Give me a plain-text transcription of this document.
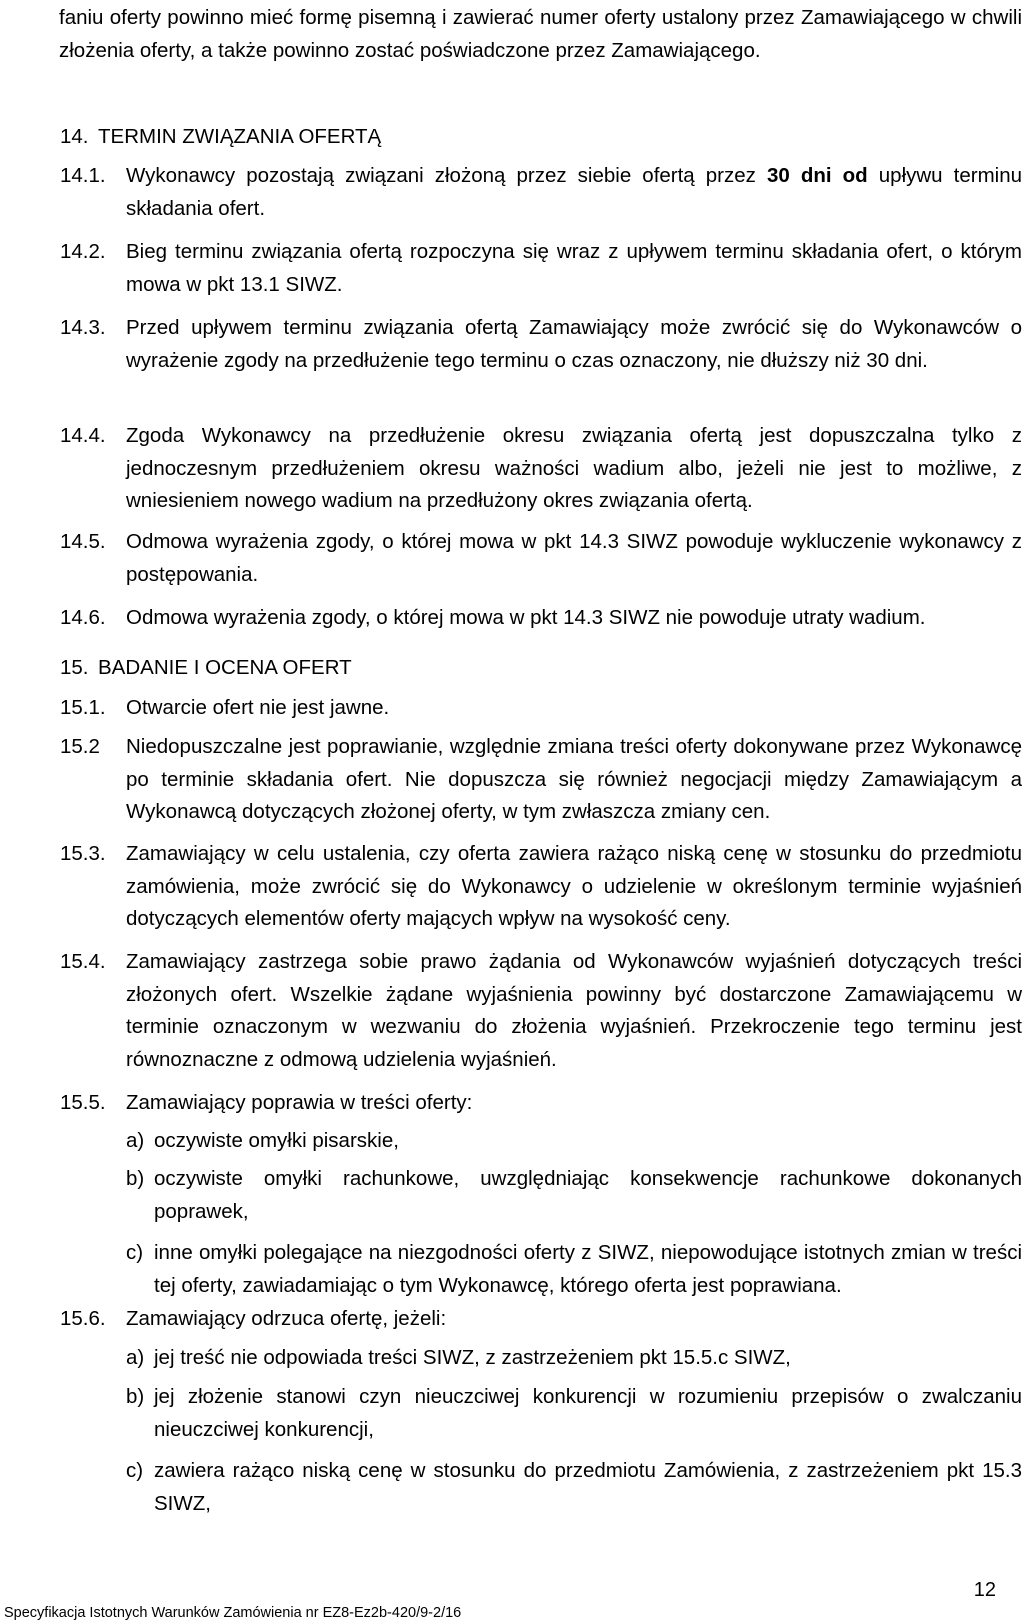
faniu oferty powinno mieć formę pisemną i zawierać numer oferty ustalony przez Zamawiającego w chwili złożenia oferty, a także powinno zostać poświadczone przez Zamawiającego.
14. TERMIN ZWIĄZANIA OFERTĄ
14.1. Wykonawcy pozostają związani złożoną przez siebie ofertą przez 30 dni od upływu terminu składania ofert.
14.2. Bieg terminu związania ofertą rozpoczyna się wraz z upływem terminu składania ofert, o którym mowa w pkt 13.1 SIWZ.
14.3. Przed upływem terminu związania ofertą Zamawiający może zwrócić się do Wykonawców o wyrażenie zgody na przedłużenie tego terminu o czas oznaczony, nie dłuższy niż 30 dni.
14.4. Zgoda Wykonawcy na przedłużenie okresu związania ofertą jest dopuszczalna tylko z jednoczesnym przedłużeniem okresu ważności wadium albo, jeżeli nie jest to możliwe, z wniesieniem nowego wadium na przedłużony okres związania ofertą.
14.5. Odmowa wyrażenia zgody, o której mowa w pkt 14.3 SIWZ powoduje wykluczenie wykonawcy z postępowania.
14.6. Odmowa wyrażenia zgody, o której mowa w pkt 14.3 SIWZ nie powoduje utraty wadium.
15. BADANIE I OCENA OFERT
15.1. Otwarcie ofert nie jest jawne.
15.2	Niedopuszczalne jest poprawianie, względnie zmiana treści oferty dokonywane przez Wykonawcę po terminie składania ofert. Nie dopuszcza się również negocjacji między Zamawiającym a Wykonawcą dotyczących złożonej oferty, w tym zwłaszcza zmiany cen.
15.3. Zamawiający w celu ustalenia, czy oferta zawiera rażąco niską cenę w stosunku do przedmiotu zamówienia, może zwrócić się do Wykonawcy o udzielenie w określonym terminie wyjaśnień dotyczących elementów oferty mających wpływ na wysokość ceny.
15.4. Zamawiający zastrzega sobie prawo żądania od Wykonawców wyjaśnień dotyczących treści złożonych ofert. Wszelkie żądane wyjaśnienia powinny być dostarczone Zamawiającemu w terminie oznaczonym w wezwaniu do złożenia wyjaśnień. Przekroczenie tego terminu jest równoznaczne z odmową udzielenia wyjaśnień.
15.5. Zamawiający poprawia w treści oferty:
a) oczywiste omyłki pisarskie,
b) oczywiste omyłki rachunkowe, uwzględniając konsekwencje rachunkowe dokonanych poprawek,
c) inne omyłki polegające na niezgodności oferty z SIWZ, niepowodujące istotnych zmian w treści tej oferty, zawiadamiając o tym Wykonawcę, którego oferta jest poprawiana.
15.6. Zamawiający odrzuca ofertę, jeżeli:
a) jej treść nie odpowiada treści SIWZ, z zastrzeżeniem pkt 15.5.c SIWZ,
b) jej złożenie stanowi czyn nieuczciwej konkurencji w rozumieniu przepisów o zwalczaniu nieuczciwej konkurencji,
c) zawiera rażąco niską cenę w stosunku do przedmiotu Zamówienia, z zastrzeżeniem pkt 15.3 SIWZ,
12
Specyfikacja Istotnych Warunków Zamówienia nr EZ8-Ez2b-420/9-2/16
